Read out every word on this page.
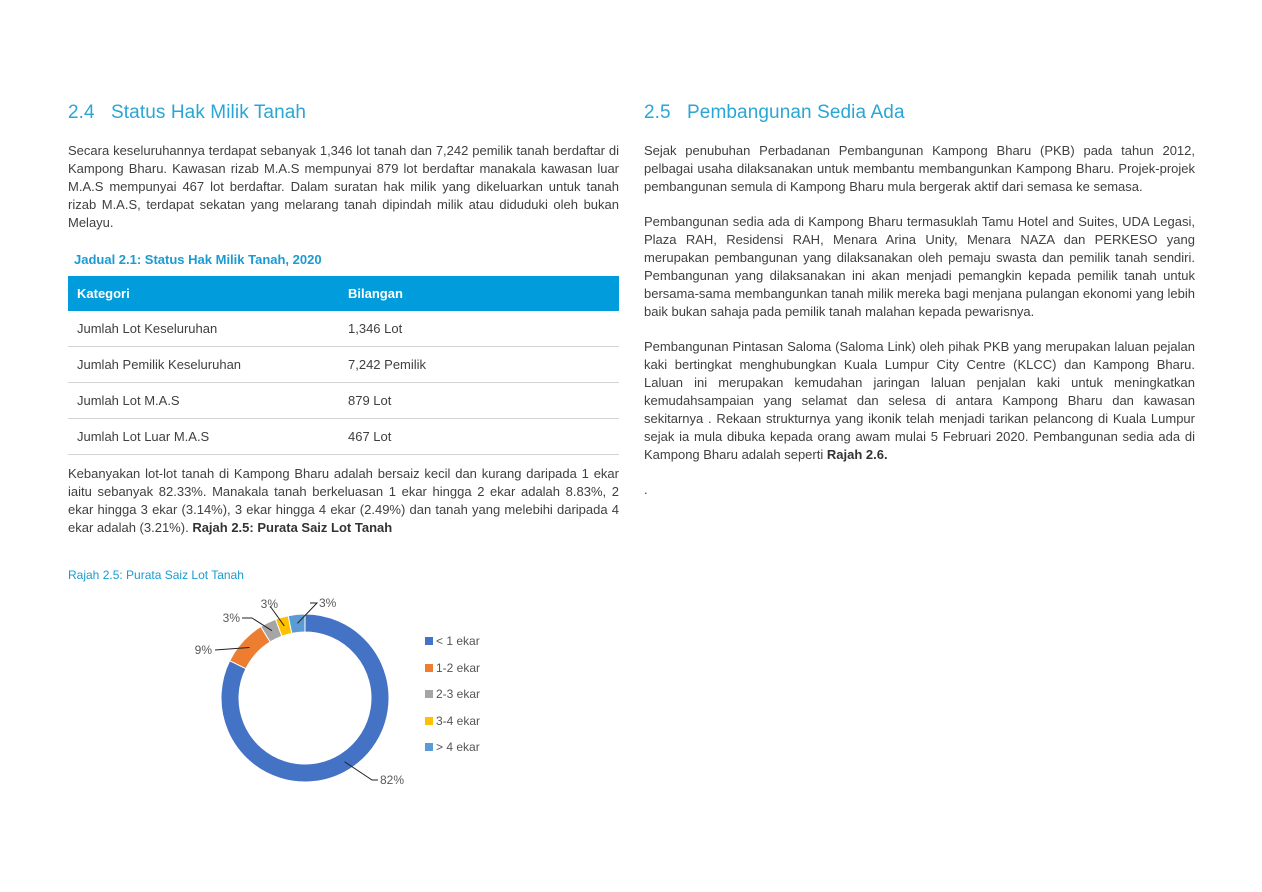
2.4 Status Hak Milik Tanah

Secara keseluruhannya terdapat sebanyak 1,346 lot tanah dan 7,242 pemilik tanah berdaftar di Kampong Bharu. Kawasan rizab M.A.S mempunyai 879 lot berdaftar manakala kawasan luar M.A.S mempunyai 467 lot berdaftar. Dalam suratan hak milik yang dikeluarkan untuk tanah rizab M.A.S, terdapat sekatan yang melarang tanah dipindah milik atau diduduki oleh bukan Melayu.

Jadual 2.1: Status Hak Milik Tanah, 2020
Kategori	Bilangan
Jumlah Lot Keseluruhan	1,346 Lot
Jumlah Pemilik Keseluruhan	7,242 Pemilik
Jumlah Lot M.A.S	879 Lot
Jumlah Lot Luar M.A.S	467 Lot

Kebanyakan lot-lot tanah di Kampong Bharu adalah bersaiz kecil dan kurang daripada 1 ekar iaitu sebanyak 82.33%. Manakala tanah berkeluasan 1 ekar hingga 2 ekar adalah 8.83%, 2 ekar hingga 3 ekar (3.14%), 3 ekar hingga 4 ekar (2.49%) dan tanah yang melebihi daripada 4 ekar adalah (3.21%). Rajah 2.5: Purata Saiz Lot Tanah

Rajah 2.5: Purata Saiz Lot Tanah
82%
9%
3%
3%	3%
< 1 ekar
1-2 ekar
2-3 ekar
3-4 ekar
> 4 ekar
2.5 Pembangunan Sedia Ada

Sejak penubuhan Perbadanan Pembangunan Kampong Bharu (PKB) pada tahun 2012, pelbagai usaha dilaksanakan untuk membantu membangunkan Kampong Bharu. Projek-projek pembangunan semula di Kampong Bharu mula bergerak aktif dari semasa ke semasa.

Pembangunan sedia ada di Kampong Bharu termasuklah Tamu Hotel and Suites, UDA Legasi, Plaza RAH, Residensi RAH, Menara Arina Unity, Menara NAZA dan PERKESO yang merupakan pembangunan yang dilaksanakan oleh pemaju swasta dan pemilik tanah sendiri. Pembangunan yang dilaksanakan ini akan menjadi pemangkin kepada pemilik tanah untuk bersama-sama membangunkan tanah milik mereka bagi menjana pulangan ekonomi yang lebih baik bukan sahaja pada pemilik tanah malahan kepada pewarisnya.

Pembangunan Pintasan Saloma (Saloma Link) oleh pihak PKB yang merupakan laluan pejalan kaki bertingkat menghubungkan Kuala Lumpur City Centre (KLCC) dan Kampong Bharu. Laluan ini merupakan kemudahan jaringan laluan penjalan kaki untuk meningkatkan kemudahsampaian yang selamat dan selesa di antara Kampong Bharu dan kawasan sekitarnya . Rekaan strukturnya yang ikonik telah menjadi tarikan pelancong di Kuala Lumpur sejak ia mula dibuka kepada orang awam mulai 5 Februari 2020. Pembangunan sedia ada di Kampong Bharu adalah seperti Rajah 2.6.

.
